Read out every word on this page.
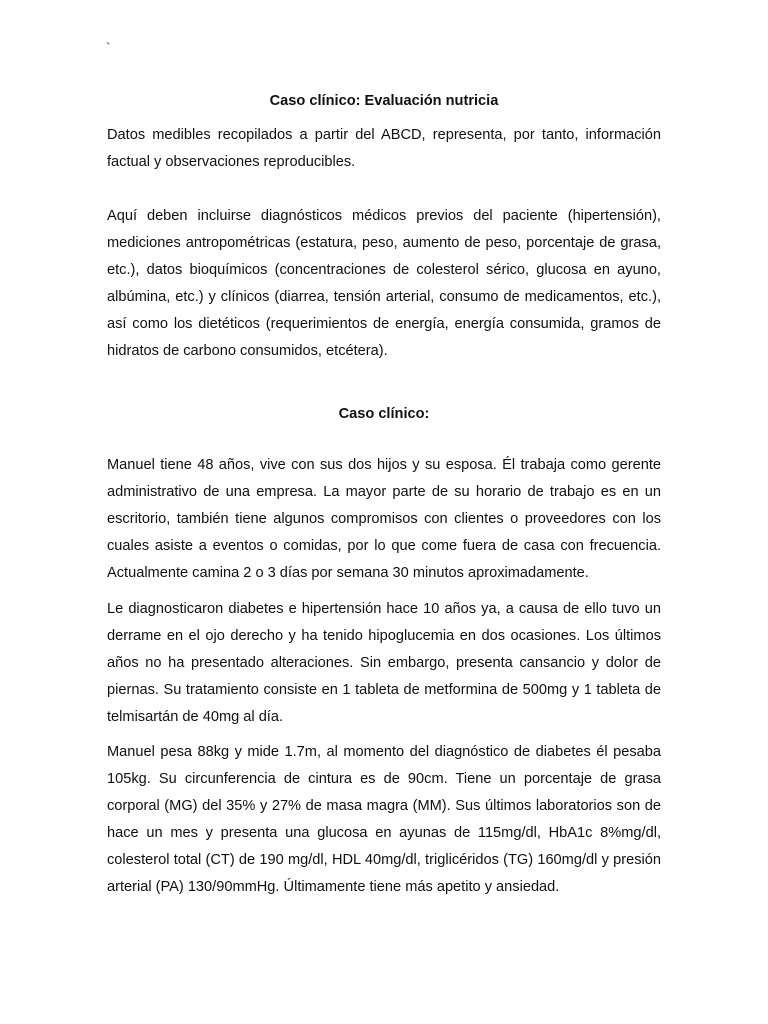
`
Caso clínico: Evaluación nutricia

Datos medibles recopilados a partir del ABCD, representa, por tanto, información factual y observaciones reproducibles.

Aquí deben incluirse diagnósticos médicos previos del paciente (hipertensión), mediciones antropométricas (estatura, peso, aumento de peso, porcentaje de grasa, etc.), datos bioquímicos (concentraciones de colesterol sérico, glucosa en ayuno, albúmina, etc.) y clínicos (diarrea, tensión arterial, consumo de medicamentos, etc.), así como los dietéticos (requerimientos de energía, energía consumida, gramos de hidratos de carbono consumidos, etcétera).

Caso clínico:

Manuel tiene 48 años, vive con sus dos hijos y su esposa. Él trabaja como gerente administrativo de una empresa. La mayor parte de su horario de trabajo es en un escritorio, también tiene algunos compromisos con clientes o proveedores con los cuales asiste a eventos o comidas, por lo que come fuera de casa con frecuencia. Actualmente camina 2 o 3 días por semana 30 minutos aproximadamente.

Le diagnosticaron diabetes e hipertensión hace 10 años ya, a causa de ello tuvo un derrame en el ojo derecho y ha tenido hipoglucemia en dos ocasiones. Los últimos años no ha presentado alteraciones. Sin embargo, presenta cansancio y dolor de piernas. Su tratamiento consiste en 1 tableta de metformina de 500mg y 1 tableta de telmisartán de 40mg al día.

Manuel pesa 88kg y mide 1.7m, al momento del diagnóstico de diabetes él pesaba 105kg. Su circunferencia de cintura es de 90cm. Tiene un porcentaje de grasa corporal (MG) del 35% y 27% de masa magra (MM). Sus últimos laboratorios son de hace un mes y presenta una glucosa en ayunas de 115mg/dl, HbA1c 8%mg/dl, colesterol total (CT) de 190 mg/dl, HDL 40mg/dl, triglicéridos (TG) 160mg/dl y presión arterial (PA) 130/90mmHg. Últimamente tiene más apetito y ansiedad.
